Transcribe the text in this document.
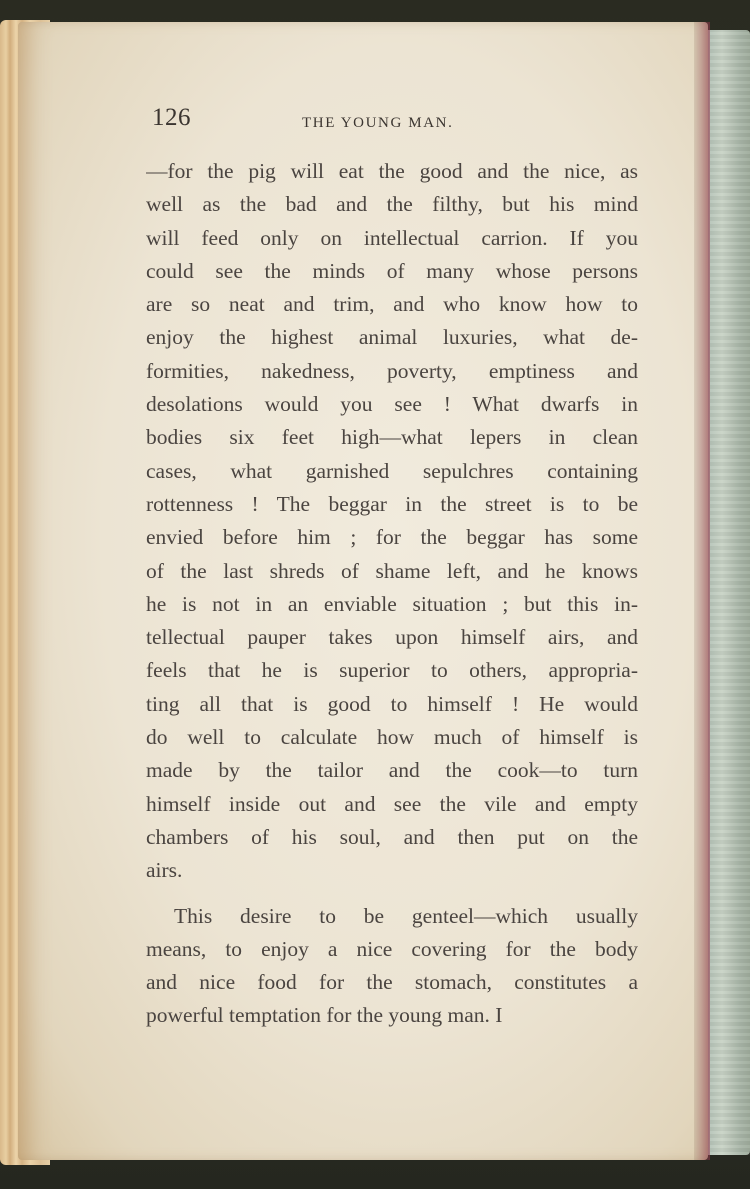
126	THE YOUNG MAN.
—for the pig will eat the good and the nice, as
well as the bad and the filthy, but his mind
will feed only on intellectual carrion. If you
could see the minds of many whose persons
are so neat and trim, and who know how to
enjoy the highest animal luxuries, what de-
formities, nakedness, poverty, emptiness and
desolations would you see ! What dwarfs in
bodies six feet high—what lepers in clean
cases, what garnished sepulchres containing
rottenness ! The beggar in the street is to be
envied before him ; for the beggar has some
of the last shreds of shame left, and he knows
he is not in an enviable situation ; but this in-
tellectual pauper takes upon himself airs, and
feels that he is superior to others, appropria-
ting all that is good to himself ! He would
do well to calculate how much of himself is
made by the tailor and the cook—to turn
himself inside out and see the vile and empty
chambers of his soul, and then put on the
airs.
This desire to be genteel—which usually
means, to enjoy a nice covering for the body
and nice food for the stomach, constitutes a
powerful temptation for the young man. I
